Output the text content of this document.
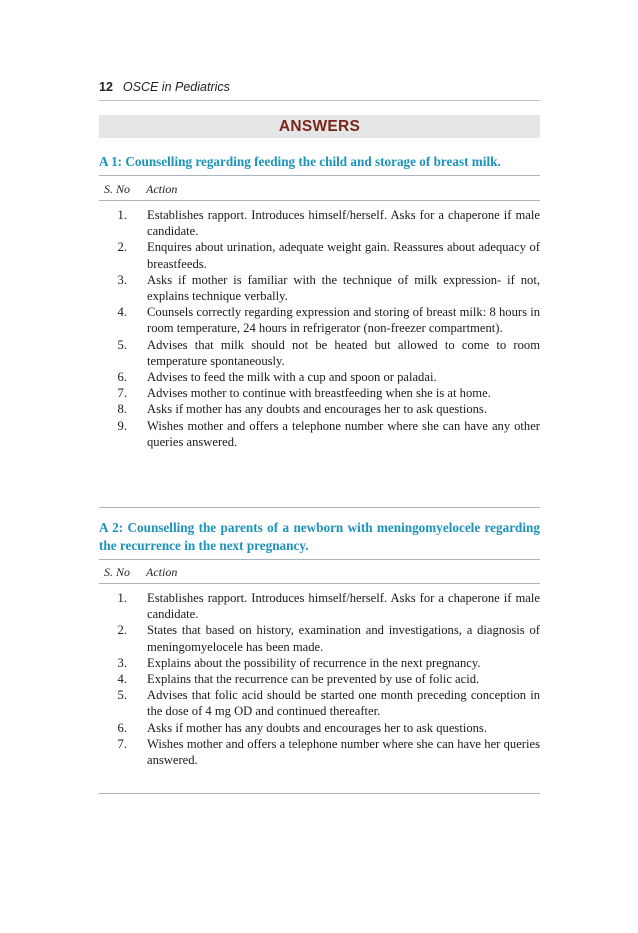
12 OSCE in Pediatrics
ANSWERS
A 1: Counselling regarding feeding the child and storage of breast milk.
S. No Action
1. Establishes rapport. Introduces himself/herself. Asks for a chaperone if male candidate.
2. Enquires about urination, adequate weight gain. Reassures about adequacy of breastfeeds.
3. Asks if mother is familiar with the technique of milk expression- if not, explains technique verbally.
4. Counsels correctly regarding expression and storing of breast milk: 8 hours in room temperature, 24 hours in refrigerator (non-freezer compartment).
5. Advises that milk should not be heated but allowed to come to room temperature spontaneously.
6. Advises to feed the milk with a cup and spoon or paladai.
7. Advises mother to continue with breastfeeding when she is at home.
8. Asks if mother has any doubts and encourages her to ask questions.
9. Wishes mother and offers a telephone number where she can have any other queries answered.
A 2: Counselling the parents of a newborn with meningomyelocele regarding the recurrence in the next pregnancy.
S. No Action
1. Establishes rapport. Introduces himself/herself. Asks for a chaperone if male candidate.
2. States that based on history, examination and investigations, a diagnosis of meningomyelocele has been made.
3. Explains about the possibility of recurrence in the next pregnancy.
4. Explains that the recurrence can be prevented by use of folic acid.
5. Advises that folic acid should be started one month preceding conception in the dose of 4 mg OD and continued thereafter.
6. Asks if mother has any doubts and encourages her to ask questions.
7. Wishes mother and offers a telephone number where she can have her queries answered.
